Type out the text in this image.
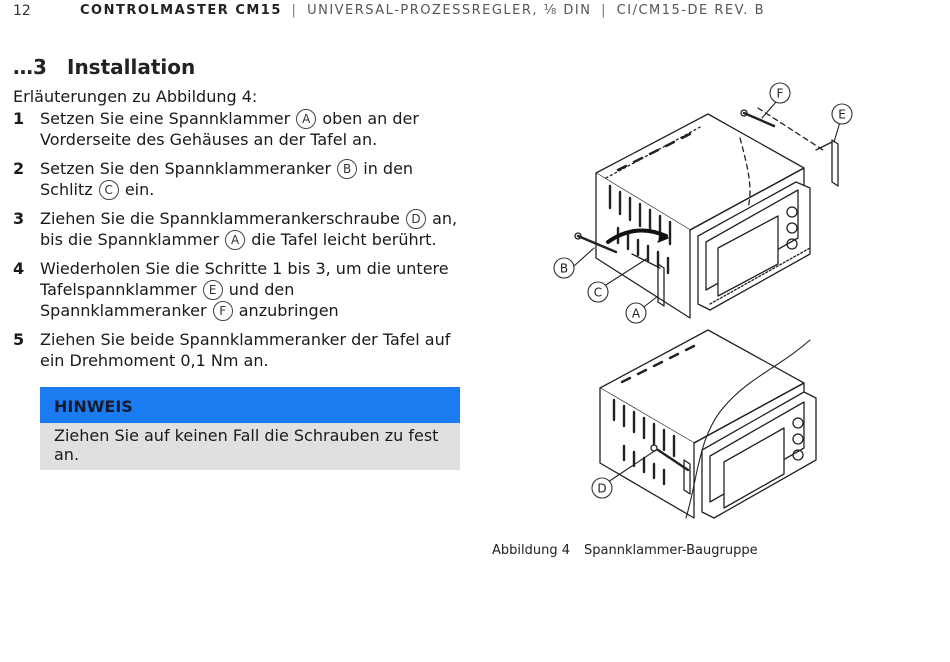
12	CONTROLMASTER CM15 | UNIVERSAL-PROZESSREGLER, ⅛ DIN | CI/CM15-DE REV. B
…3 Installation
Erläuterungen zu Abbildung 4:
1 Setzen Sie eine Spannklammer A oben an der Vorderseite des Gehäuses an der Tafel an.
2 Setzen Sie den Spannklammeranker B in den Schlitz C ein.
3 Ziehen Sie die Spannklammerankerschraube D an, bis die Spannklammer A die Tafel leicht berührt.
4 Wiederholen Sie die Schritte 1 bis 3, um die untere Tafelspannklammer E und den Spannklammeranker F anzubringen
5 Ziehen Sie beide Spannklammeranker der Tafel auf ein Drehmoment 0,1 Nm an.
HINWEIS
Ziehen Sie auf keinen Fall die Schrauben zu fest an.
F
E
B
C
A
D
Abbildung 4 Spannklammer-Baugruppe
